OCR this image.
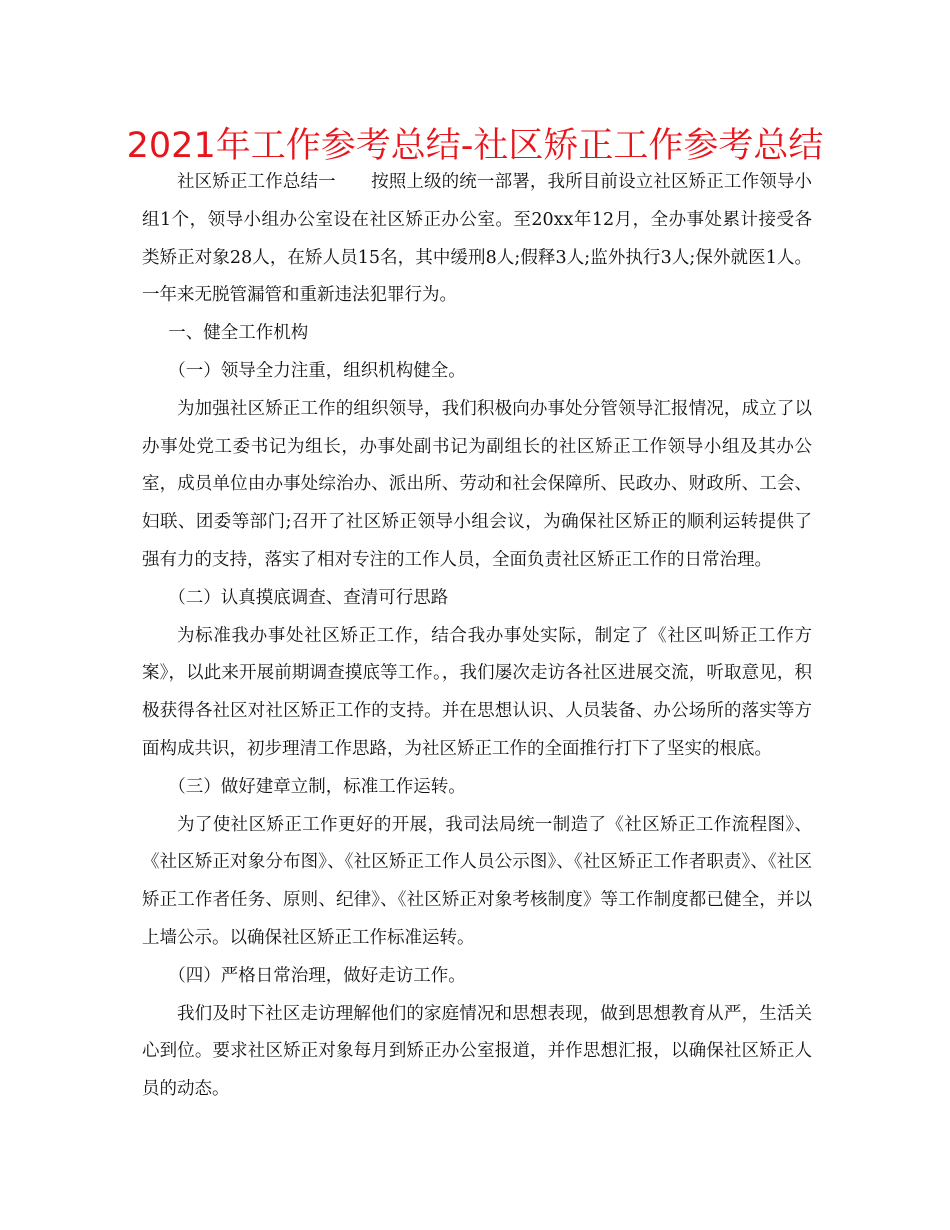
2021年工作参考总结-社区矫正工作参考总结

社区矫正工作总结一　　按照上级的统一部署，我所目前设立社区矫正工作领导小组1个，领导小组办公室设在社区矫正办公室。至20xx年12月，全办事处累计接受各类矫正对象28人，在矫人员15名，其中缓刑8人;假释3人;监外执行3人;保外就医1人。一年来无脱管漏管和重新违法犯罪行为。

一、健全工作机构

（一）领导全力注重，组织机构健全。

为加强社区矫正工作的组织领导，我们积极向办事处分管领导汇报情况，成立了以办事处党工委书记为组长，办事处副书记为副组长的社区矫正工作领导小组及其办公室，成员单位由办事处综治办、派出所、劳动和社会保障所、民政办、财政所、工会、妇联、团委等部门;召开了社区矫正领导小组会议，为确保社区矫正的顺利运转提供了强有力的支持，落实了相对专注的工作人员，全面负责社区矫正工作的日常治理。

（二）认真摸底调查、查清可行思路

为标准我办事处社区矫正工作，结合我办事处实际，制定了《社区叫矫正工作方案》，以此来开展前期调查摸底等工作。，我们屡次走访各社区进展交流，听取意见，积极获得各社区对社区矫正工作的支持。并在思想认识、人员装备、办公场所的落实等方面构成共识，初步理清工作思路，为社区矫正工作的全面推行打下了坚实的根底。

（三）做好建章立制，标准工作运转。

为了使社区矫正工作更好的开展，我司法局统一制造了《社区矫正工作流程图》、《社区矫正对象分布图》、《社区矫正工作人员公示图》、《社区矫正工作者职责》、《社区矫正工作者任务、原则、纪律》、《社区矫正对象考核制度》等工作制度都已健全，并以上墙公示。以确保社区矫正工作标准运转。

（四）严格日常治理，做好走访工作。

我们及时下社区走访理解他们的家庭情况和思想表现，做到思想教育从严，生活关心到位。要求社区矫正对象每月到矫正办公室报道，并作思想汇报，以确保社区矫正人员的动态。
